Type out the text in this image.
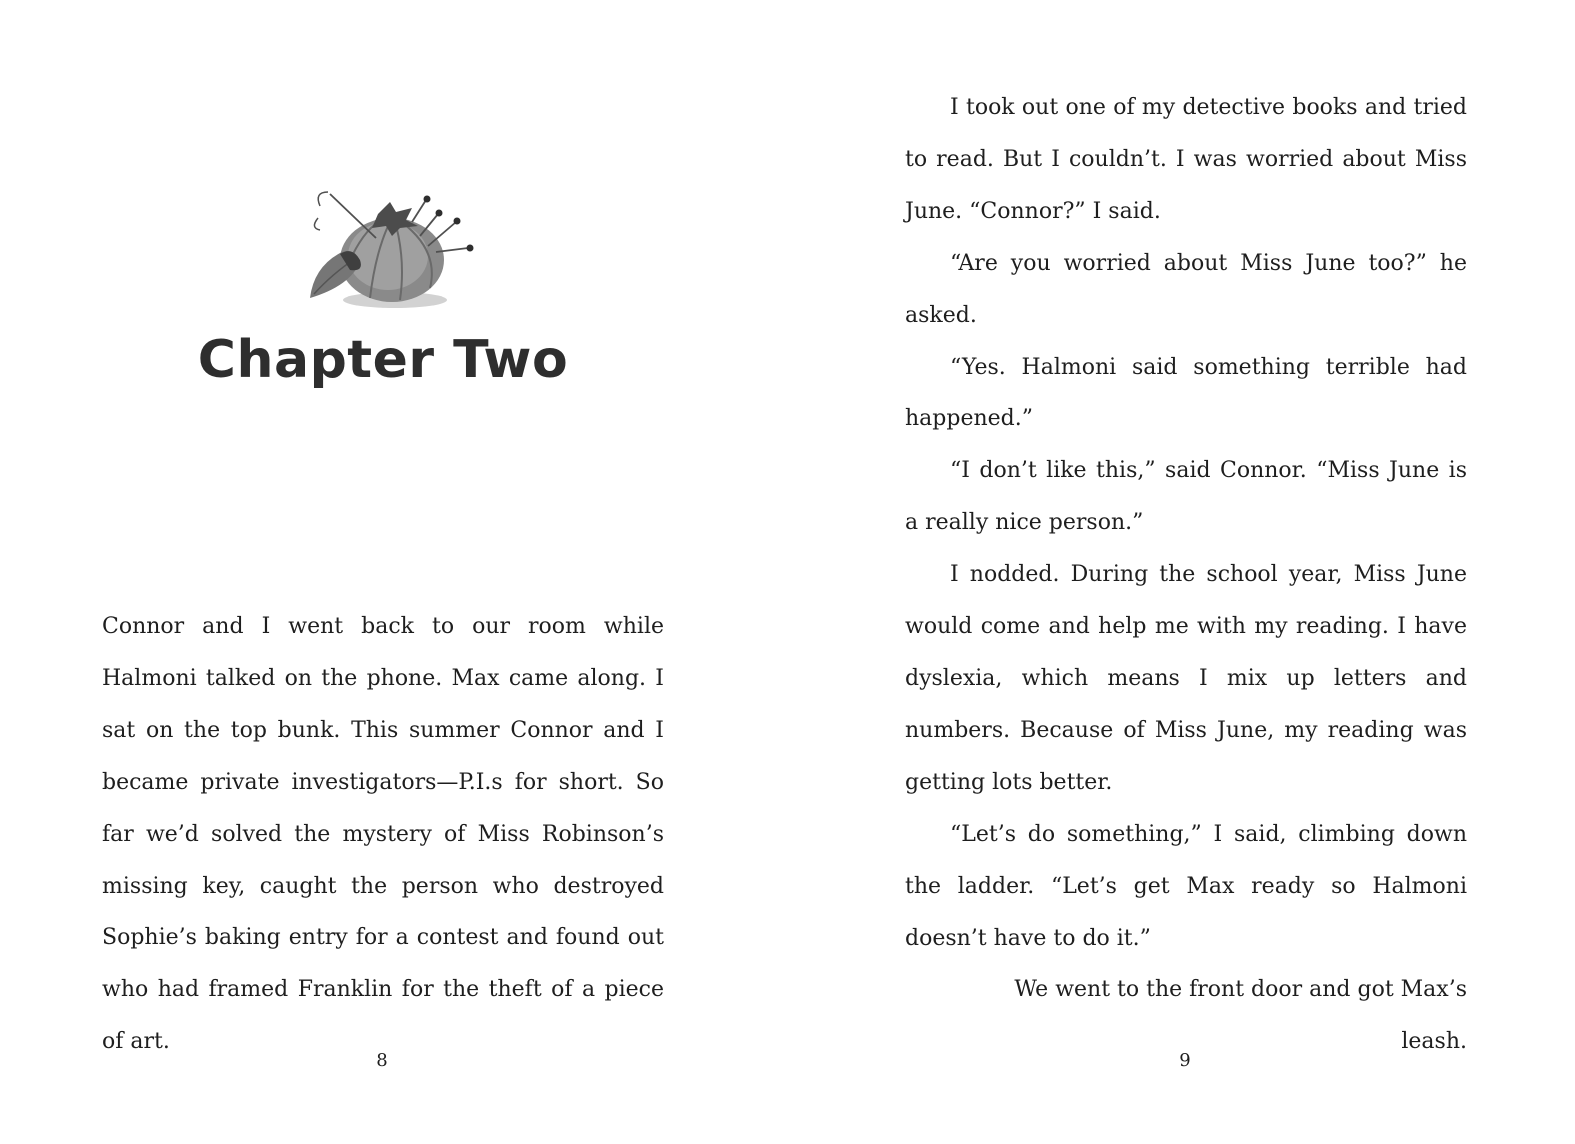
Chapter Two

Connor and I went back to our room while Halmoni talked on the phone. Max came along. I sat on the top bunk. This summer Connor and I became private investigators—P.I.s for short. So far we’d solved the mystery of Miss Robinson’s missing key, caught the person who destroyed Sophie’s baking entry for a contest and found out who had framed Franklin for the theft of a piece of art.

8

I took out one of my detective books and tried to read. But I couldn’t. I was worried about Miss June. “Connor?” I said.

“Are you worried about Miss June too?” he asked.

“Yes. Halmoni said something terrible had happened.”

“I don’t like this,” said Connor. “Miss June is a really nice person.”

I nodded. During the school year, Miss June would come and help me with my reading. I have dyslexia, which means I mix up letters and numbers. Because of Miss June, my reading was getting lots better.

“Let’s do something,” I said, climbing down the ladder. “Let’s get Max ready so Halmoni doesn’t have to do it.”

We went to the front door and got Max’s leash.

9
